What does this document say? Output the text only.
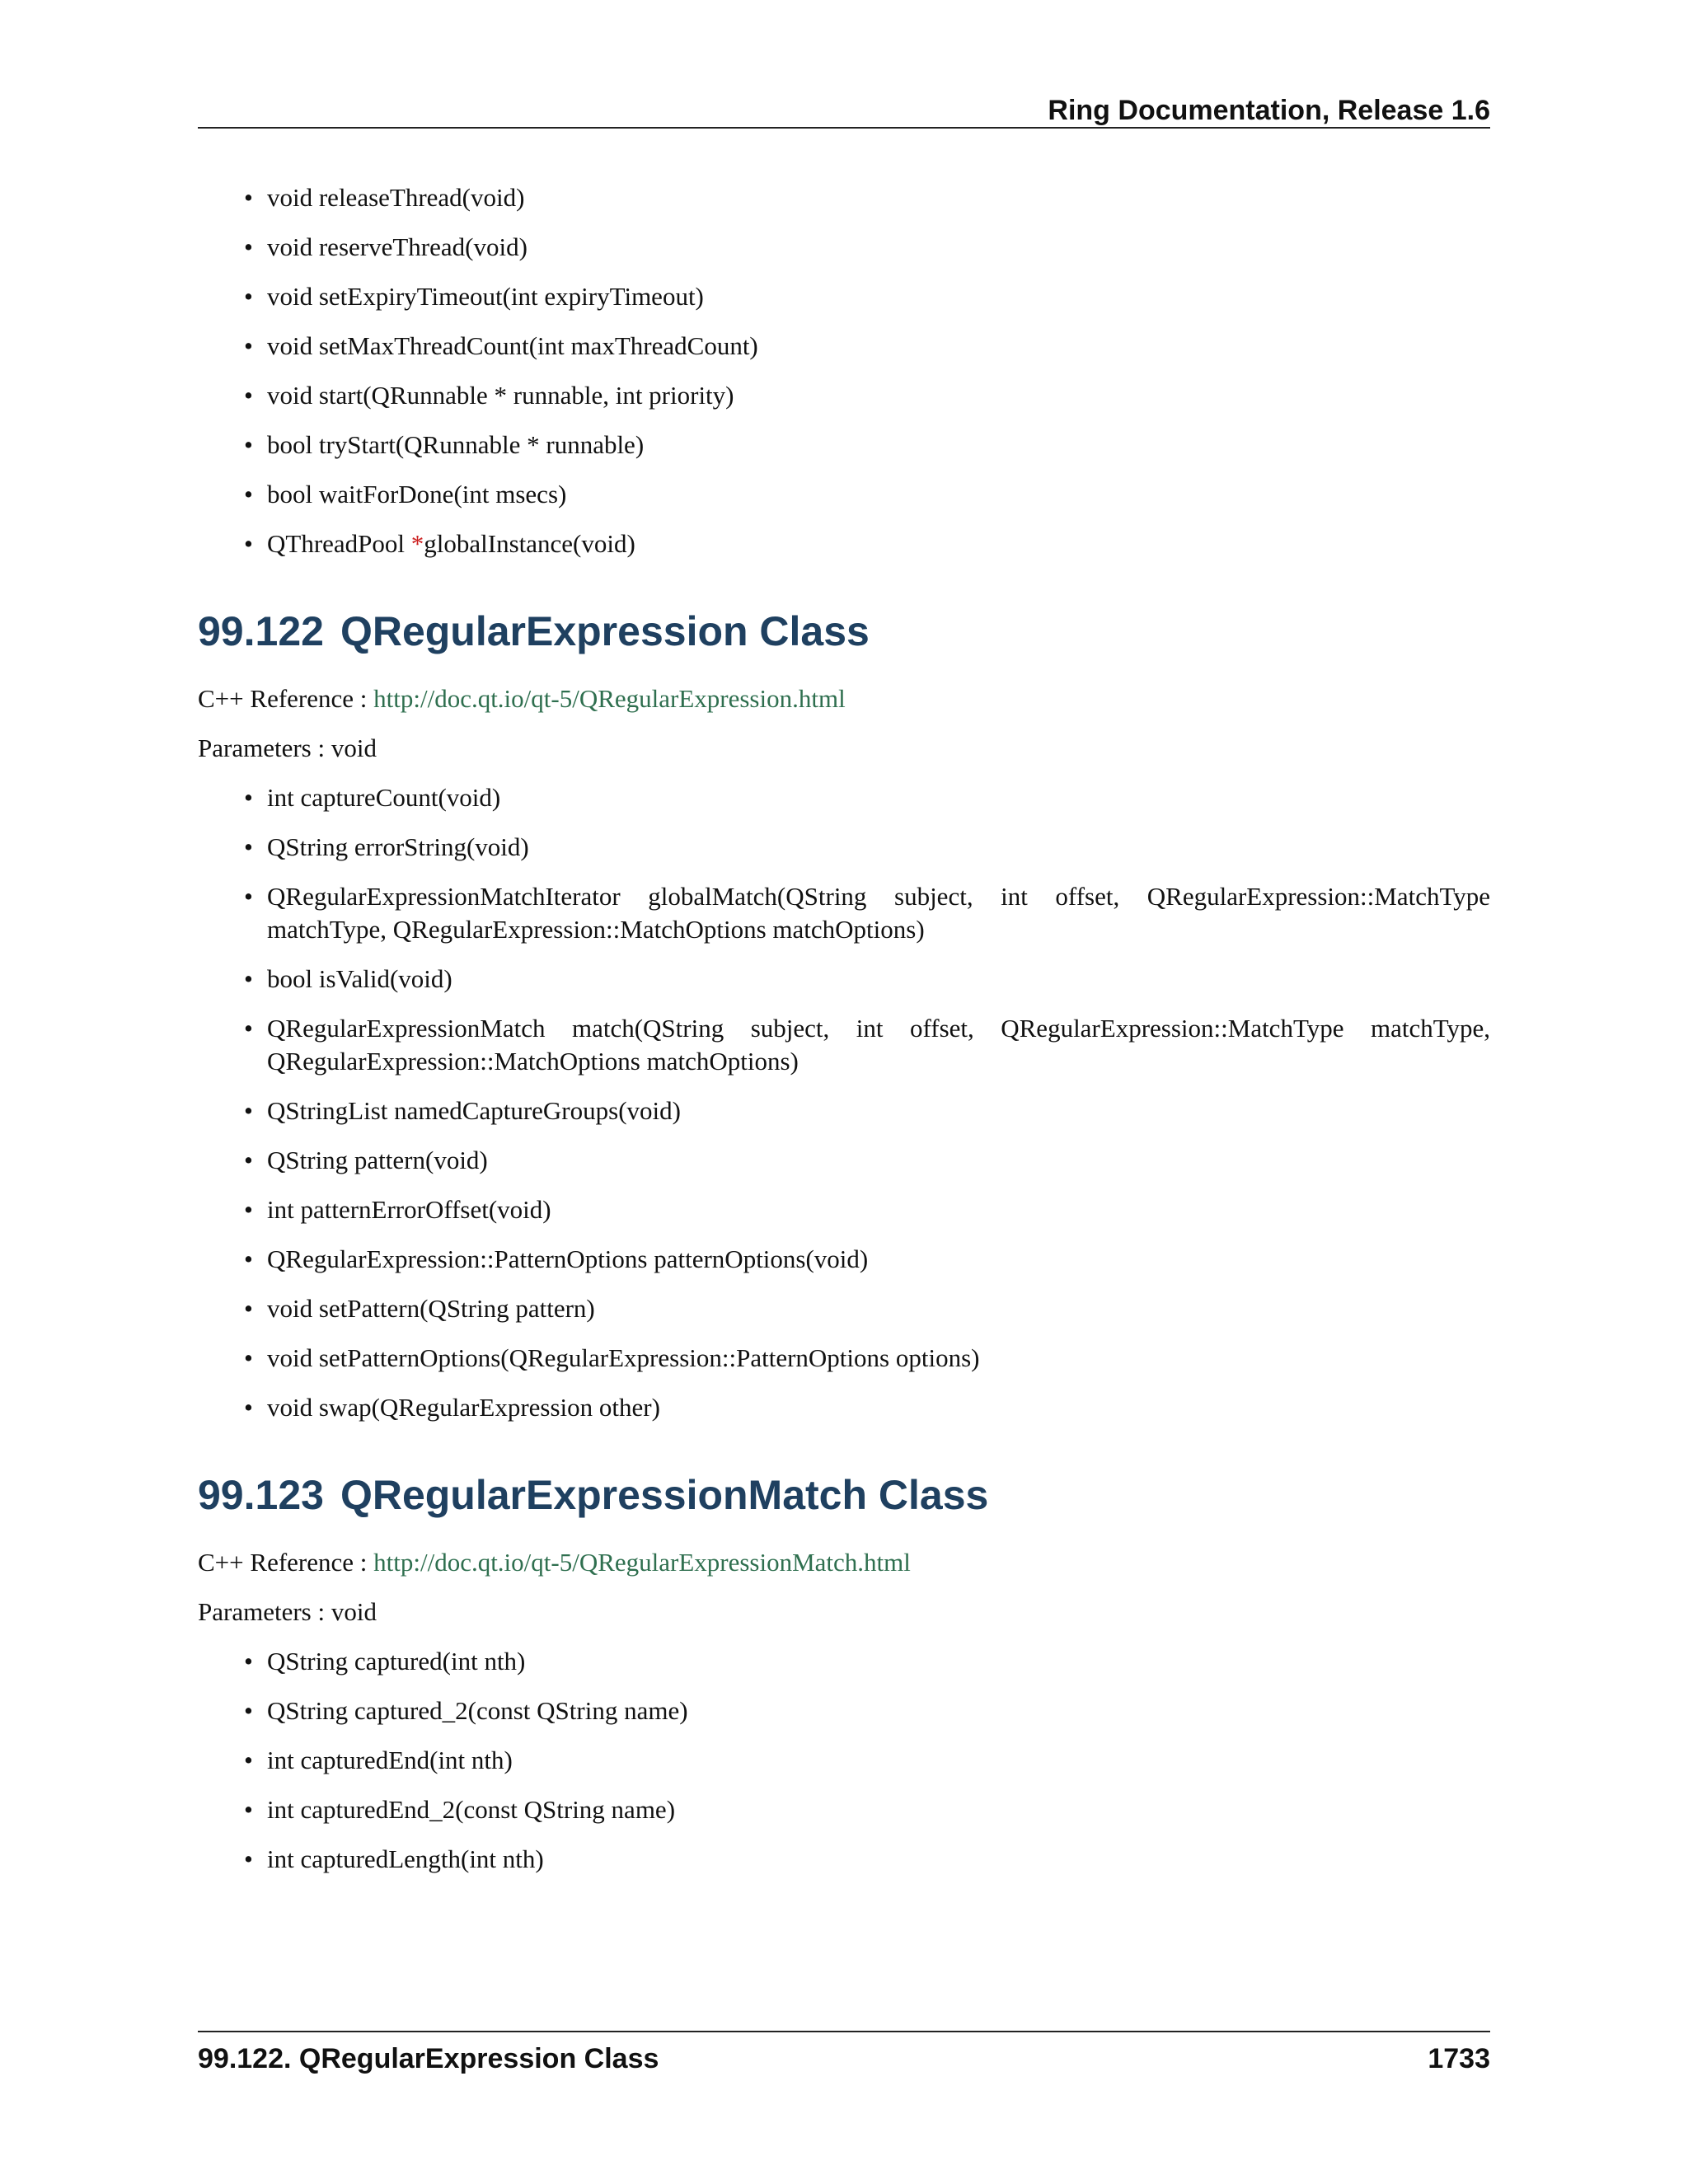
Ring Documentation, Release 1.6
• void releaseThread(void)
• void reserveThread(void)
• void setExpiryTimeout(int expiryTimeout)
• void setMaxThreadCount(int maxThreadCount)
• void start(QRunnable * runnable, int priority)
• bool tryStart(QRunnable * runnable)
• bool waitForDone(int msecs)
• QThreadPool *globalInstance(void)
99.122 QRegularExpression Class

C++ Reference : http://doc.qt.io/qt-5/QRegularExpression.html

Parameters : void

• int captureCount(void)
• QString errorString(void)
• QRegularExpressionMatchIterator globalMatch(QString subject, int offset, QRegularExpression::MatchType matchType, QRegularExpression::MatchOptions matchOptions)
• bool isValid(void)
• QRegularExpressionMatch match(QString subject, int offset, QRegularExpression::MatchType matchType, QRegularExpression::MatchOptions matchOptions)
• QStringList namedCaptureGroups(void)
• QString pattern(void)
• int patternErrorOffset(void)
• QRegularExpression::PatternOptions patternOptions(void)
• void setPattern(QString pattern)
• void setPatternOptions(QRegularExpression::PatternOptions options)
• void swap(QRegularExpression other)
99.123 QRegularExpressionMatch Class

C++ Reference : http://doc.qt.io/qt-5/QRegularExpressionMatch.html

Parameters : void

• QString captured(int nth)
• QString captured_2(const QString name)
• int capturedEnd(int nth)
• int capturedEnd_2(const QString name)
• int capturedLength(int nth)
99.122. QRegularExpression Class	1733
